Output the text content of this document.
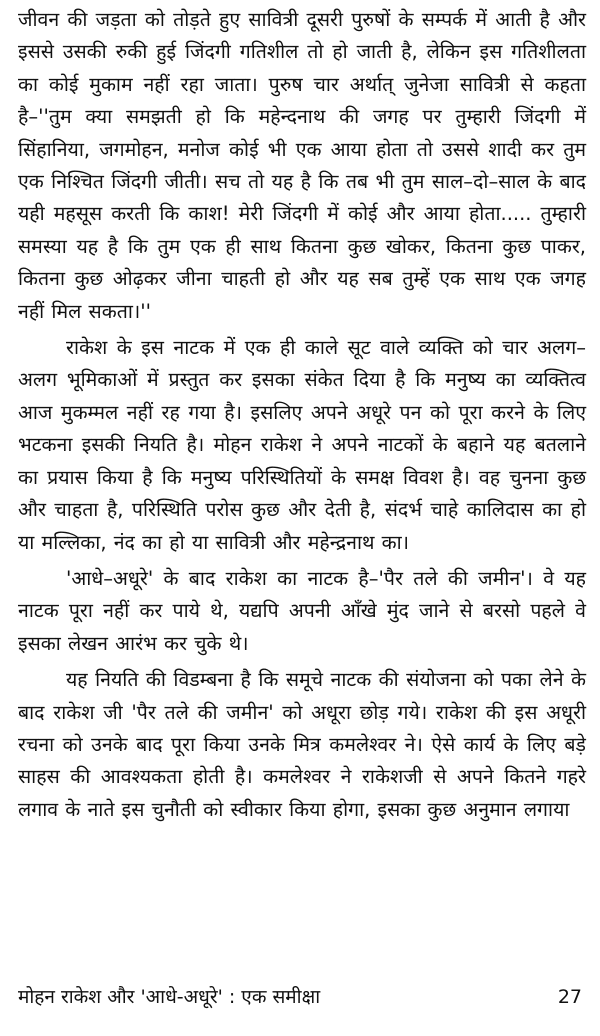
जीवन की जड़ता को तोड़ते हुए सावित्री दूसरी पुरुषों के सम्पर्क में आती है और इससे उसकी रुकी हुई जिंदगी गतिशील तो हो जाती है, लेकिन इस गतिशीलता का कोई मुकाम नहीं रहा जाता। पुरुष चार अर्थात् जुनेजा सावित्री से कहता है–''तुम क्या समझती हो कि महेन्दनाथ की जगह पर तुम्हारी जिंदगी में सिंहानिया, जगमोहन, मनोज कोई भी एक आया होता तो उससे शादी कर तुम एक निश्चित जिंदगी जीती। सच तो यह है कि तब भी तुम साल–दो–साल के बाद यही महसूस करती कि काश! मेरी जिंदगी में कोई और आया होता..... तुम्हारी समस्या यह है कि तुम एक ही साथ कितना कुछ खोकर, कितना कुछ पाकर, कितना कुछ ओढ़कर जीना चाहती हो और यह सब तुम्हें एक साथ एक जगह नहीं मिल सकता।''

राकेश के इस नाटक में एक ही काले सूट वाले व्यक्ति को चार अलग–अलग भूमिकाओं में प्रस्तुत कर इसका संकेत दिया है कि मनुष्य का व्यक्तित्व आज मुकम्मल नहीं रह गया है। इसलिए अपने अधूरे पन को पूरा करने के लिए भटकना इसकी नियति है। मोहन राकेश ने अपने नाटकों के बहाने यह बतलाने का प्रयास किया है कि मनुष्य परिस्थितियों के समक्ष विवश है। वह चुनना कुछ और चाहता है, परिस्थिति परोस कुछ और देती है, संदर्भ चाहे कालिदास का हो या मल्लिका, नंद का हो या सावित्री और महेन्द्रनाथ का।

'आधे–अधूरे' के बाद राकेश का नाटक है–'पैर तले की जमीन'। वे यह नाटक पूरा नहीं कर पाये थे, यद्यपि अपनी आँखे मुंद जाने से बरसो पहले वे इसका लेखन आरंभ कर चुके थे।

यह नियति की विडम्बना है कि समूचे नाटक की संयोजना को पका लेने के बाद राकेश जी 'पैर तले की जमीन' को अधूरा छोड़ गये। राकेश की इस अधूरी रचना को उनके बाद पूरा किया उनके मित्र कमलेश्वर ने। ऐसे कार्य के लिए बड़े साहस की आवश्यकता होती है। कमलेश्वर ने राकेशजी से अपने कितने गहरे लगाव के नाते इस चुनौती को स्वीकार किया होगा, इसका कुछ अनुमान लगाया

मोहन राकेश और 'आधे-अधूरे' : एक समीक्षा	27
